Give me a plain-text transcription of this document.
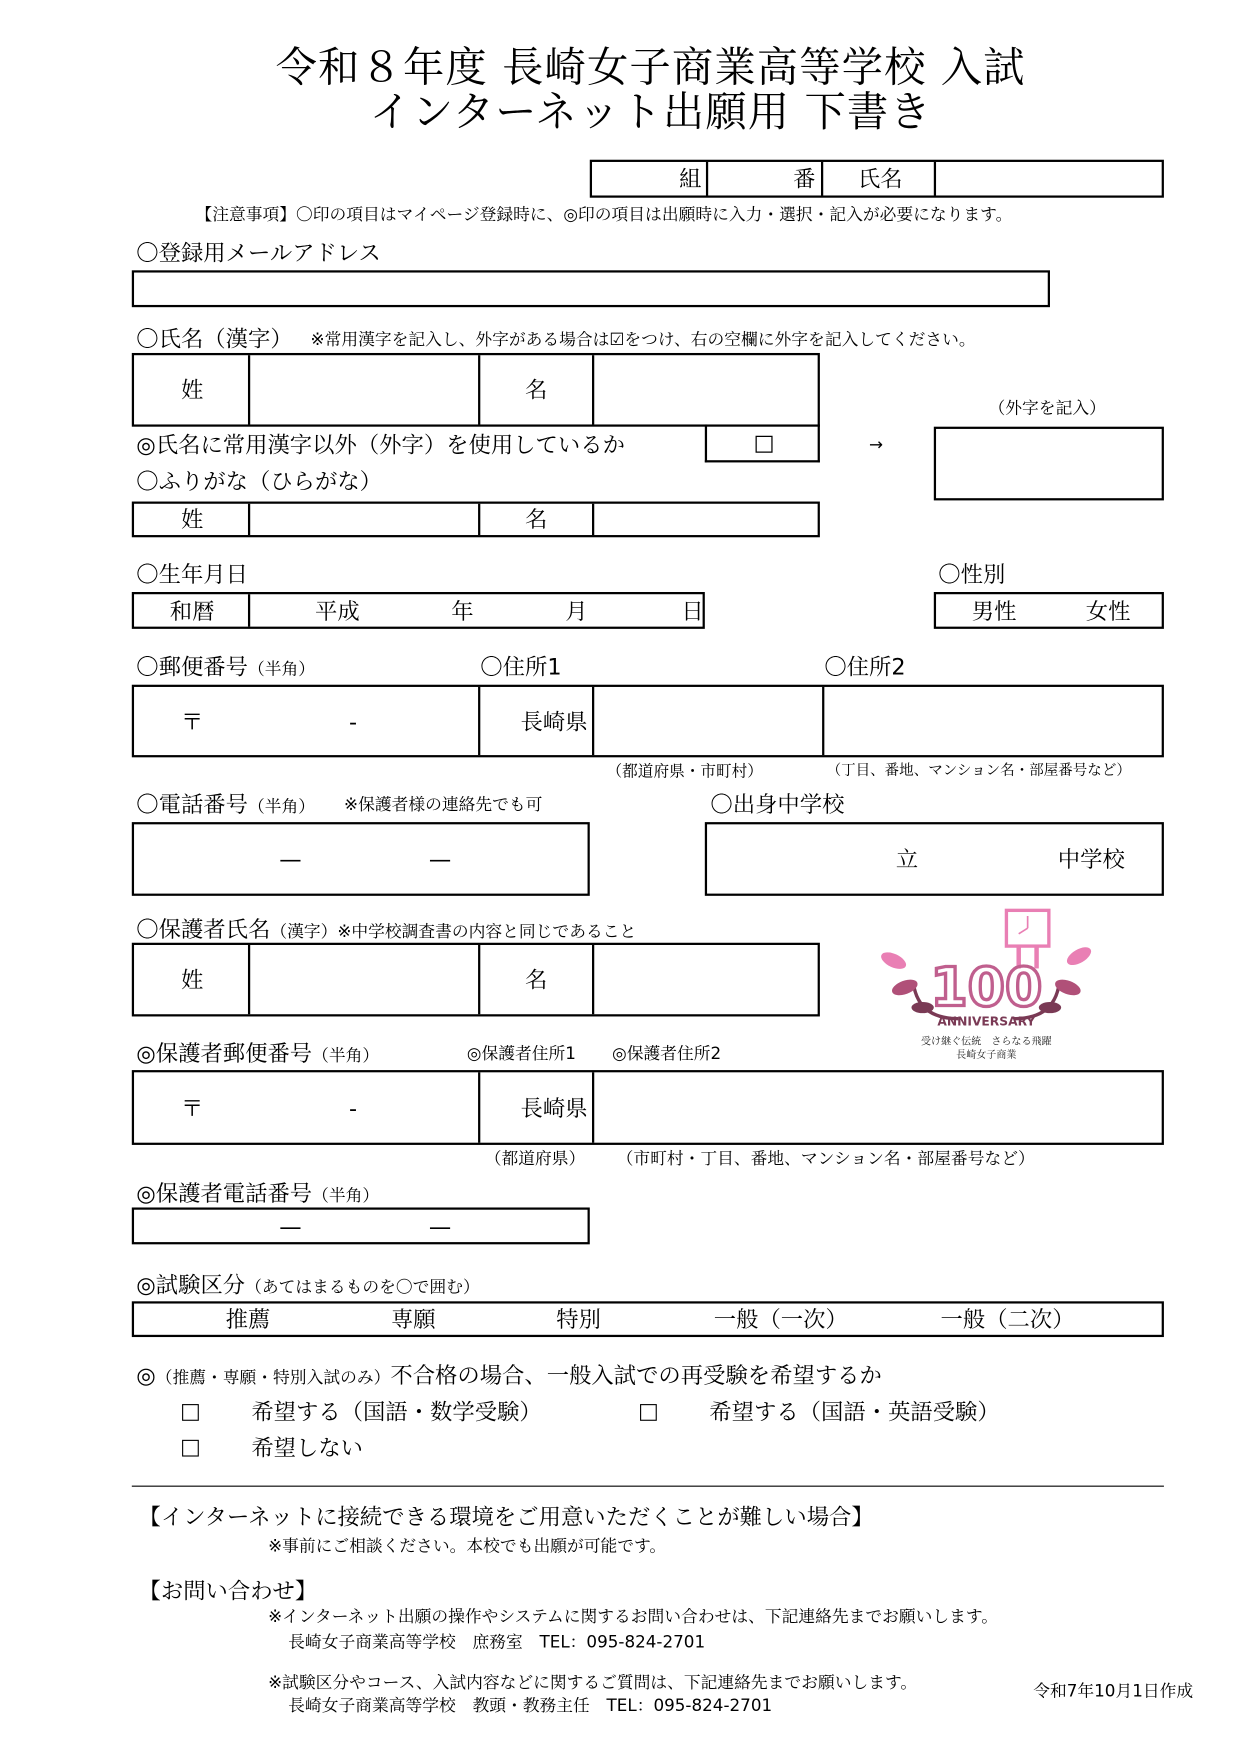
令和８年度 長崎女子商業高等学校 入試
インターネット出願用 下書き
組	番 氏名
【注意事項】〇印の項目はマイページ登録時に、◎印の項目は出願時に入力・選択・記入が必要になります。
〇登録用メールアドレス
〇氏名（漢字） ※常用漢字を記入し、外字がある場合は☑をつけ、右の空欄に外字を記入してください。
姓	名
◎氏名に常用漢字以外（外字）を使用しているか	□	→
（外字を記入）
〇ふりがな（ひらがな）
姓	名
〇生年月日
和暦	平成	年	月	日
〇性別
男性	女性
〇郵便番号（半角）	〇住所1	〇住所2
〒	-	長崎県
（都道府県・市町村）	（丁目、番地、マンション名・部屋番号など）
〇電話番号（半角） ※保護者様の連絡先でも可
—	—
〇出身中学校
立	中学校
〇保護者氏名（漢字）※中学校調査書の内容と同じであること
姓	名	100
ANNIVERSARY
受け継ぐ伝統　さらなる飛躍
長崎女子商業
◎保護者郵便番号（半角）	◎保護者住所1 ◎保護者住所2
〒	-	長崎県
（都道府県） （市町村・丁目、番地、マンション名・部屋番号など）
◎保護者電話番号（半角）
—	—
◎試験区分（あてはまるものを〇で囲む）
推薦	専願	特別	一般（一次）	一般（二次）
◎（推薦・専願・特別入試のみ）不合格の場合、一般入試での再受験を希望するか
希望する（国語・数学受験）	希望する（国語・英語受験）
希望しない
【インターネットに接続できる環境をご用意いただくことが難しい場合】
※事前にご相談ください。本校でも出願が可能です。
【お問い合わせ】
※インターネット出願の操作やシステムに関するお問い合わせは、下記連絡先までお願いします。
長崎女子商業高等学校　庶務室　TEL：095-824-2701
※試験区分やコース、入試内容などに関するご質問は、下記連絡先までお願いします。
長崎女子商業高等学校　教頭・教務主任　TEL：095-824-2701
令和7年10月1日作成
